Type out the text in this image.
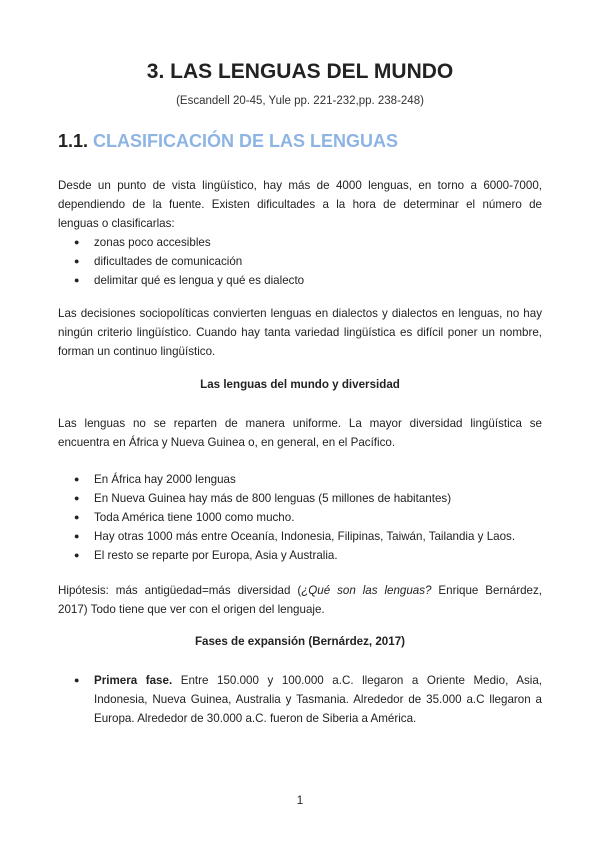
3. LAS LENGUAS DEL MUNDO
(Escandell 20-45, Yule pp. 221-232,pp. 238-248)
1.1. CLASIFICACIÓN DE LAS LENGUAS

Desde un punto de vista lingüístico, hay más de 4000 lenguas, en torno a 6000-7000,
dependiendo de la fuente. Existen dificultades a la hora de determinar el número de
lenguas o clasificarlas:

● zonas poco accesibles
● dificultades de comunicación
● delimitar qué es lengua y qué es dialecto

Las decisiones sociopolíticas convierten lenguas en dialectos y dialectos en lenguas, no hay
ningún criterio lingüístico. Cuando hay tanta variedad lingüística es difícil poner un nombre,
forman un continuo lingüístico.

Las lenguas del mundo y diversidad

Las lenguas no se reparten de manera uniforme. La mayor diversidad lingüística se
encuentra en África y Nueva Guinea o, en general, en el Pacífico.

● En África hay 2000 lenguas
● En Nueva Guinea hay más de 800 lenguas (5 millones de habitantes)
● Toda América tiene 1000 como mucho.
● Hay otras 1000 más entre Oceanía, Indonesia, Filipinas, Taiwán, Tailandia y Laos.
● El resto se reparte por Europa, Asia y Australia.

Hipótesis: más antigüedad=más diversidad (¿Qué son las lenguas? Enrique Bernárdez,
2017) Todo tiene que ver con el origen del lenguaje.

Fases de expansión (Bernárdez, 2017)
● Primera fase. Entre 150.000 y 100.000 a.C. llegaron a Oriente Medio, Asia,
Indonesia, Nueva Guinea, Australia y Tasmania. Alrededor de 35.000 a.C llegaron a
Europa. Alrededor de 30.000 a.C. fueron de Siberia a América.
1
